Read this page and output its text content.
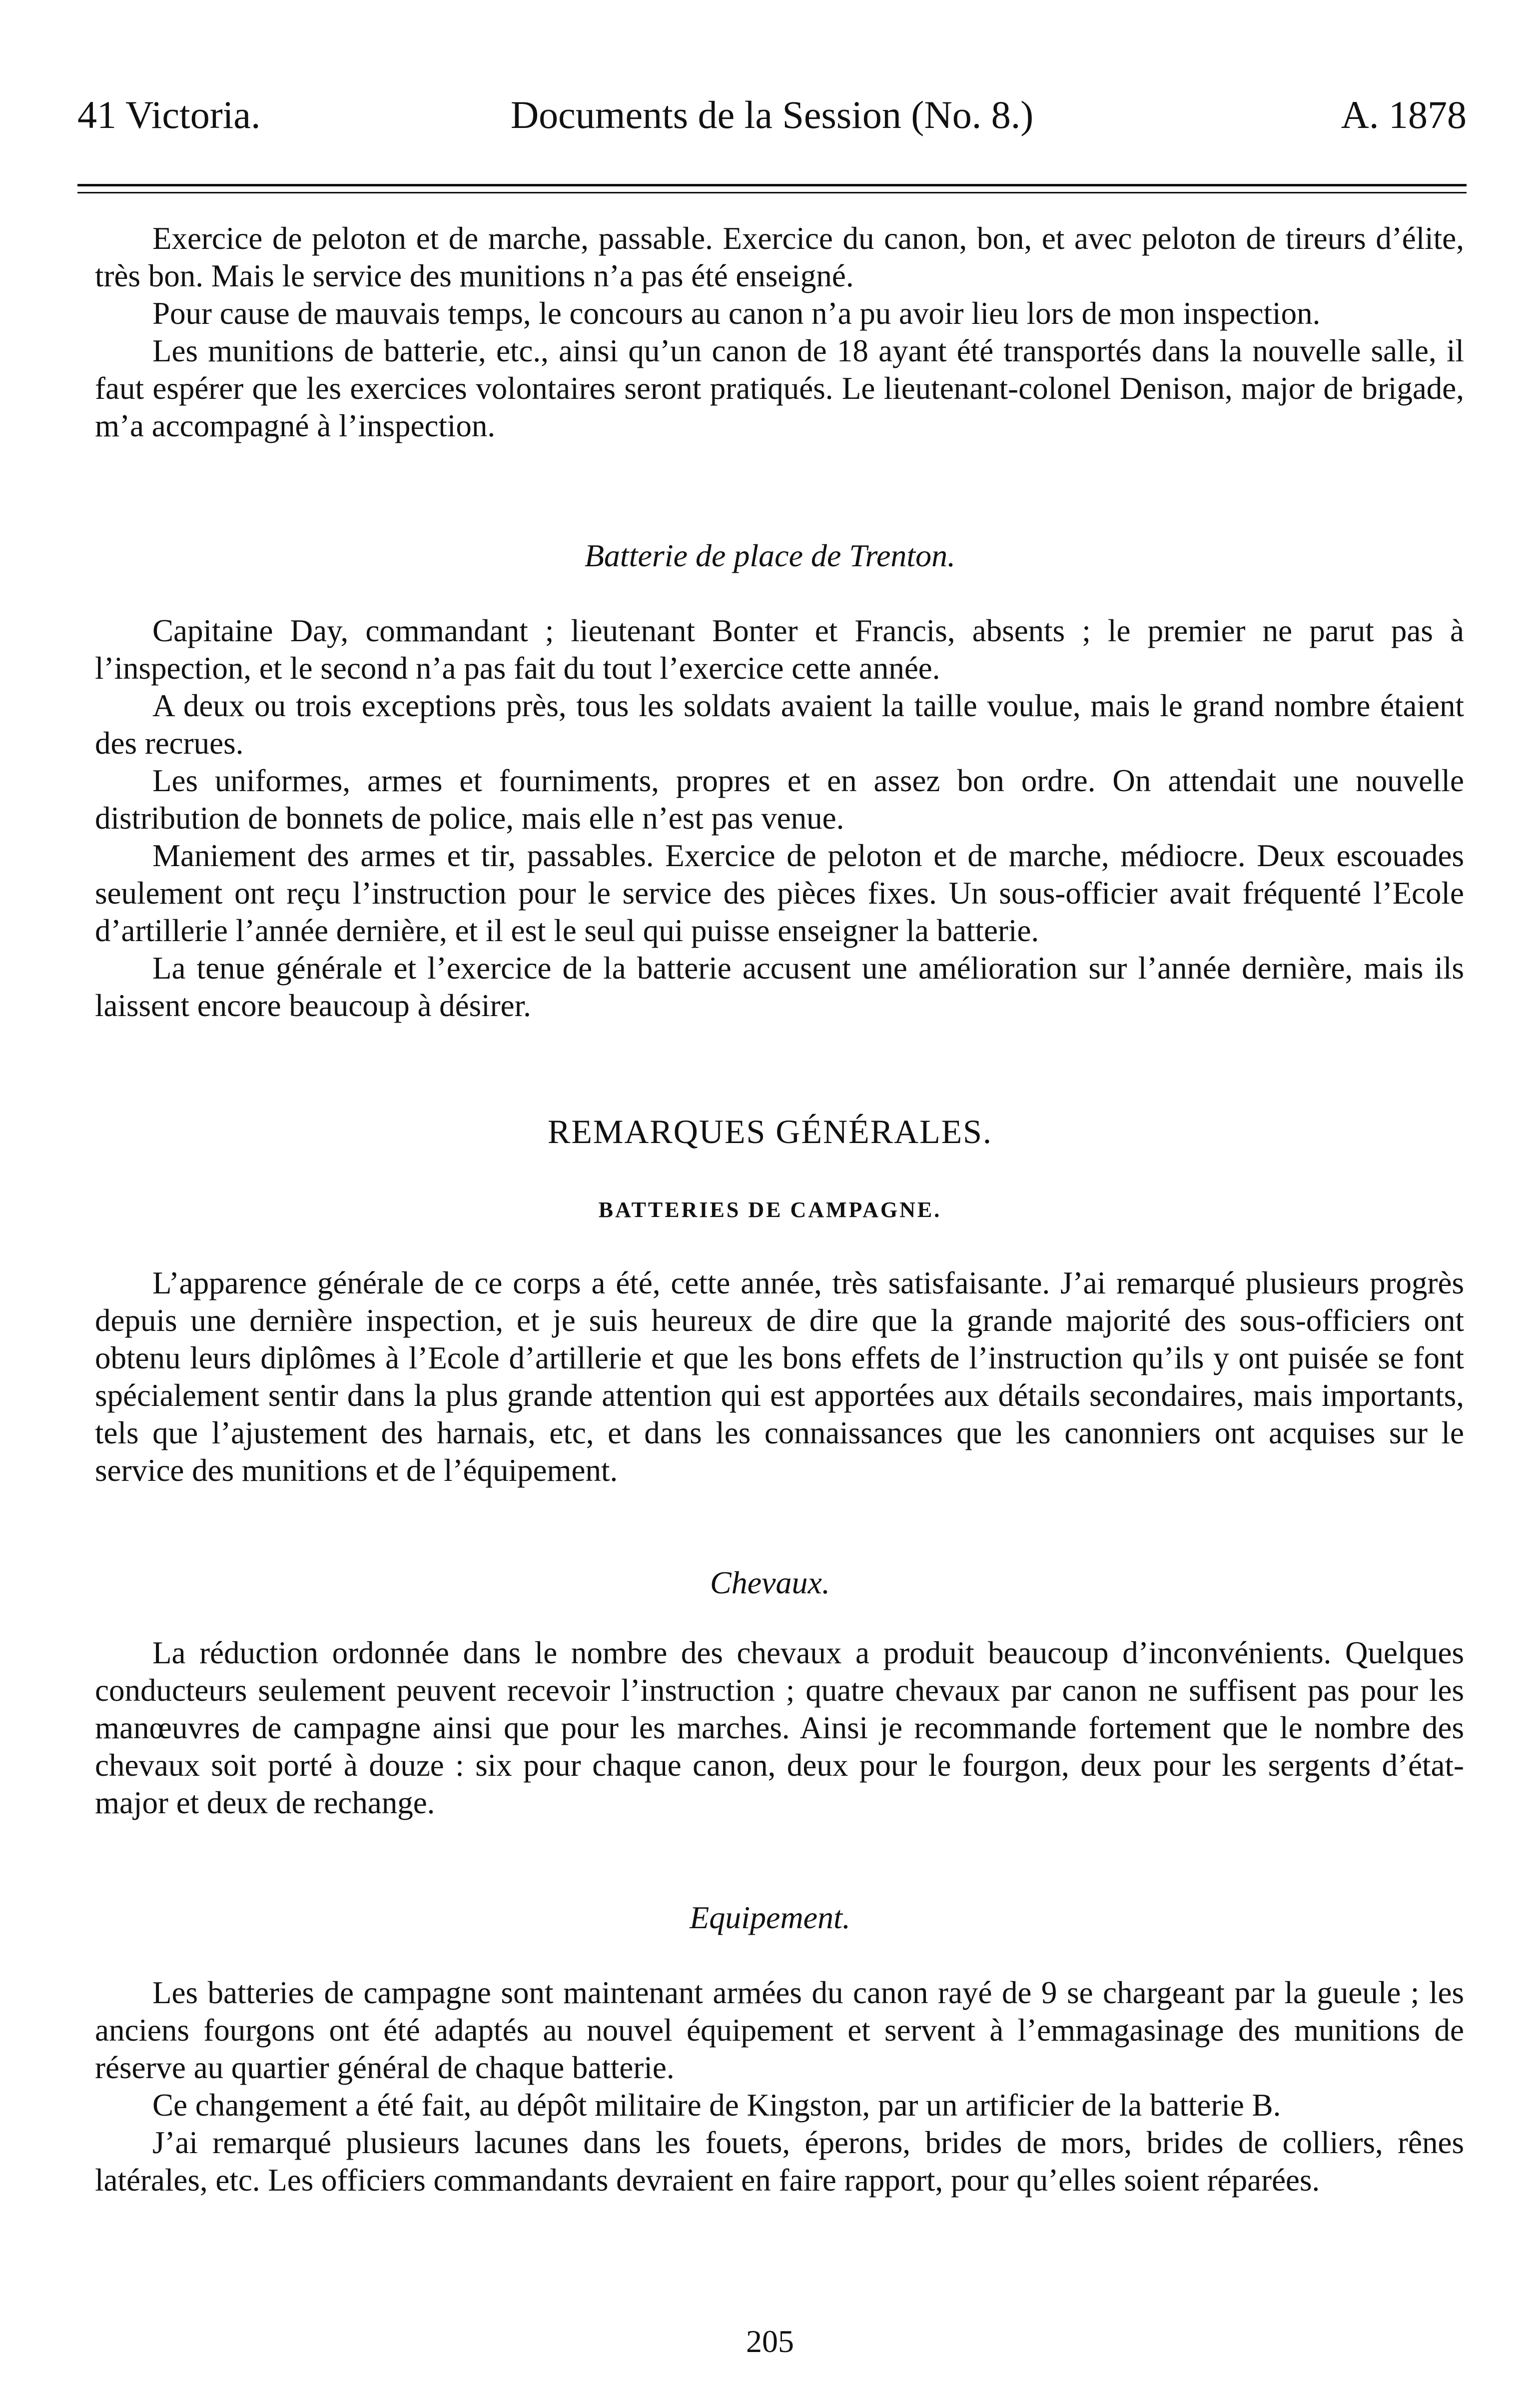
41 Victoria.	Documents de la Session (No. 8.)	A. 1878

Exercice de peloton et de marche, passable. Exercice du canon, bon, et avec peloton de tireurs d’élite, très bon. Mais le service des munitions n’a pas été enseigné.

Pour cause de mauvais temps, le concours au canon n’a pu avoir lieu lors de mon inspection.

Les munitions de batterie, etc., ainsi qu’un canon de 18 ayant été transportés dans la nouvelle salle, il faut espérer que les exercices volontaires seront pratiqués. Le lieutenant-colonel Denison, major de brigade, m’a accompagné à l’inspection.

Batterie de place de Trenton.

Capitaine Day, commandant ; lieutenant Bonter et Francis, absents ; le premier ne parut pas à l’inspection, et le second n’a pas fait du tout l’exercice cette année.

A deux ou trois exceptions près, tous les soldats avaient la taille voulue, mais le grand nombre étaient des recrues.

Les uniformes, armes et fourniments, propres et en assez bon ordre. On attendait une nouvelle distribution de bonnets de police, mais elle n’est pas venue.

Maniement des armes et tir, passables. Exercice de peloton et de marche, médiocre. Deux escouades seulement ont reçu l’instruction pour le service des pièces fixes. Un sous-officier avait fréquenté l’Ecole d’artillerie l’année dernière, et il est le seul qui puisse enseigner la batterie.

La tenue générale et l’exercice de la batterie accusent une amélioration sur l’année dernière, mais ils laissent encore beaucoup à désirer.

REMARQUES GÉNÉRALES.
BATTERIES DE CAMPAGNE.

L’apparence générale de ce corps a été, cette année, très satisfaisante. J’ai remarqué plusieurs progrès depuis une dernière inspection, et je suis heureux de dire que la grande majorité des sous-officiers ont obtenu leurs diplômes à l’Ecole d’artillerie et que les bons effets de l’instruction qu’ils y ont puisée se font spécialement sentir dans la plus grande attention qui est apportées aux détails secondaires, mais importants, tels que l’ajustement des harnais, etc, et dans les connaissances que les canonniers ont acquises sur le service des munitions et de l’équipement.

Chevaux.

La réduction ordonnée dans le nombre des chevaux a produit beaucoup d’inconvénients. Quelques conducteurs seulement peuvent recevoir l’instruction ; quatre chevaux par canon ne suffisent pas pour les manœuvres de campagne ainsi que pour les marches. Ainsi je recommande fortement que le nombre des chevaux soit porté à douze : six pour chaque canon, deux pour le fourgon, deux pour les sergents d’état-major et deux de rechange.

Equipement.

Les batteries de campagne sont maintenant armées du canon rayé de 9 se chargeant par la gueule ; les anciens fourgons ont été adaptés au nouvel équipement et servent à l’emmagasinage des munitions de réserve au quartier général de chaque batterie.

Ce changement a été fait, au dépôt militaire de Kingston, par un artificier de la batterie B.

J’ai remarqué plusieurs lacunes dans les fouets, éperons, brides de mors, brides de colliers, rênes latérales, etc. Les officiers commandants devraient en faire rapport, pour qu’elles soient réparées.

205
